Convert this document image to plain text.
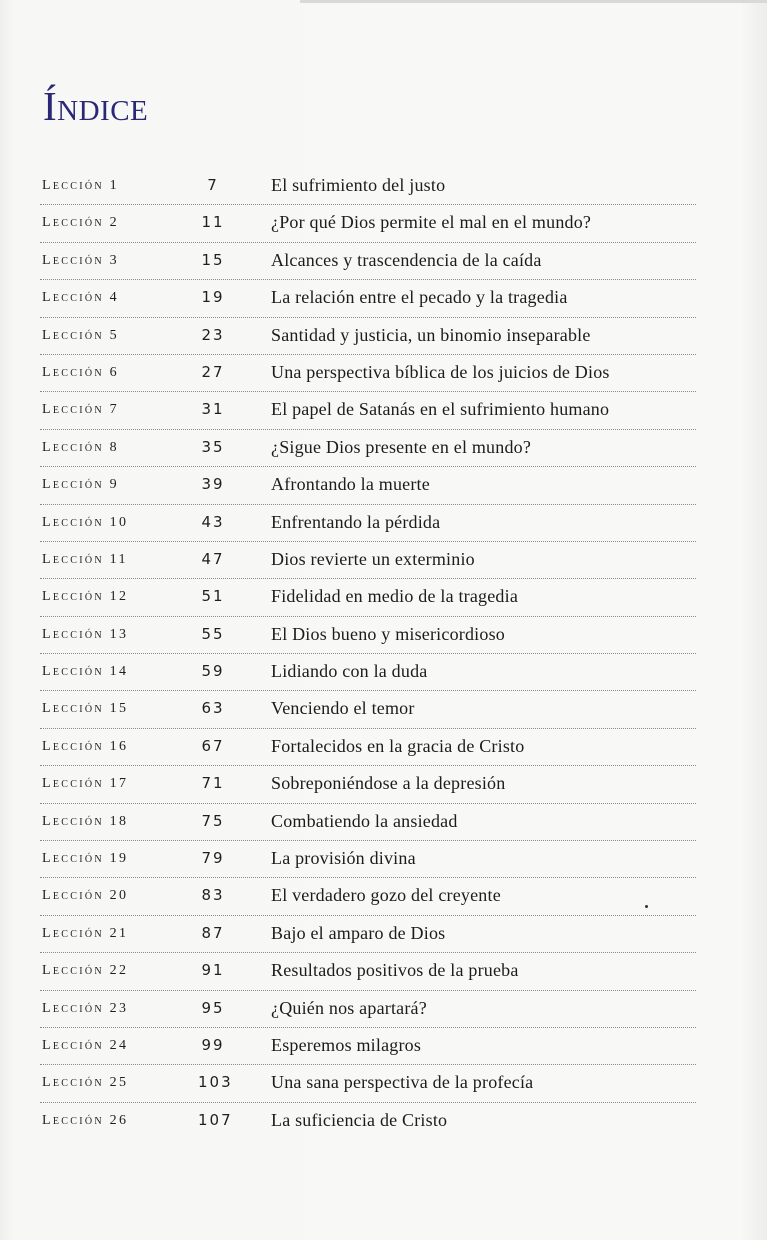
Índice
Lección 1	7	El sufrimiento del justo
Lección 2	11	¿Por qué Dios permite el mal en el mundo?
Lección 3	15	Alcances y trascendencia de la caída
Lección 4	19	La relación entre el pecado y la tragedia
Lección 5	23	Santidad y justicia, un binomio inseparable
Lección 6	27	Una perspectiva bíblica de los juicios de Dios
Lección 7	31	El papel de Satanás en el sufrimiento humano
Lección 8	35	¿Sigue Dios presente en el mundo?
Lección 9	39	Afrontando la muerte
Lección 10	43	Enfrentando la pérdida
Lección 11	47	Dios revierte un exterminio
Lección 12	51	Fidelidad en medio de la tragedia
Lección 13	55	El Dios bueno y misericordioso
Lección 14	59	Lidiando con la duda
Lección 15	63	Venciendo el temor
Lección 16	67	Fortalecidos en la gracia de Cristo
Lección 17	71	Sobreponiéndose a la depresión
Lección 18	75	Combatiendo la ansiedad
Lección 19	79	La provisión divina
Lección 20	83	El verdadero gozo del creyente
Lección 21	87	Bajo el amparo de Dios
Lección 22	91	Resultados positivos de la prueba
Lección 23	95	¿Quién nos apartará?
Lección 24	99	Esperemos milagros
Lección 25	103 Una sana perspectiva de la profecía
Lección 26	107 La suficiencia de Cristo
